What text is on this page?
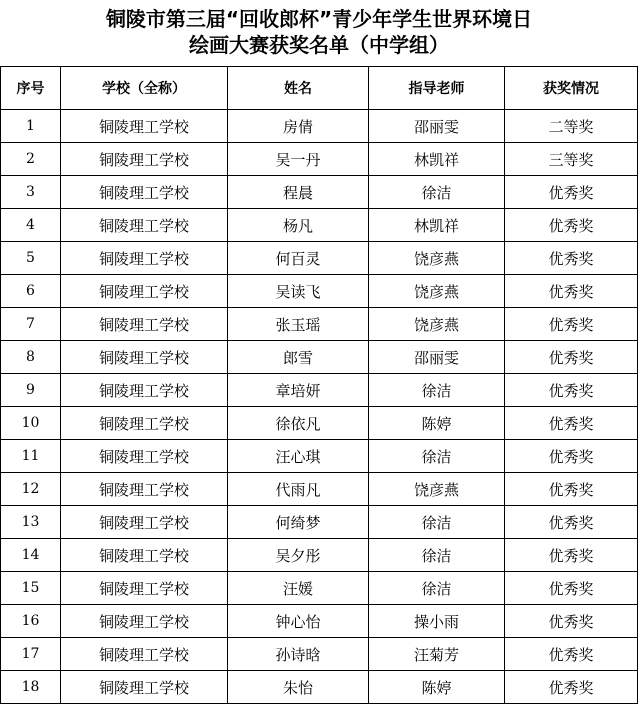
铜陵市第三届“回收郎杯”青少年学生世界环境日
绘画大赛获奖名单（中学组）
序号	学校（全称）	姓名	指导老师	获奖情况
1	铜陵理工学校	房倩	邵丽雯	二等奖
2	铜陵理工学校	吴一丹	林凯祥	三等奖
3	铜陵理工学校	程晨	徐洁	优秀奖
4	铜陵理工学校	杨凡	林凯祥	优秀奖
5	铜陵理工学校	何百灵	饶彦燕	优秀奖
6	铜陵理工学校	吴读飞	饶彦燕	优秀奖
7	铜陵理工学校	张玉瑶	饶彦燕	优秀奖
8	铜陵理工学校	郎雪	邵丽雯	优秀奖
9	铜陵理工学校	章培妍	徐洁	优秀奖
10	铜陵理工学校	徐依凡	陈婷	优秀奖
11	铜陵理工学校	汪心琪	徐洁	优秀奖
12	铜陵理工学校	代雨凡	饶彦燕	优秀奖
13	铜陵理工学校	何绮梦	徐洁	优秀奖
14	铜陵理工学校	吴夕彤	徐洁	优秀奖
15	铜陵理工学校	汪媛	徐洁	优秀奖
16	铜陵理工学校	钟心怡	操小雨	优秀奖
17	铜陵理工学校	孙诗晗	汪菊芳	优秀奖
18	铜陵理工学校	朱怡	陈婷	优秀奖
